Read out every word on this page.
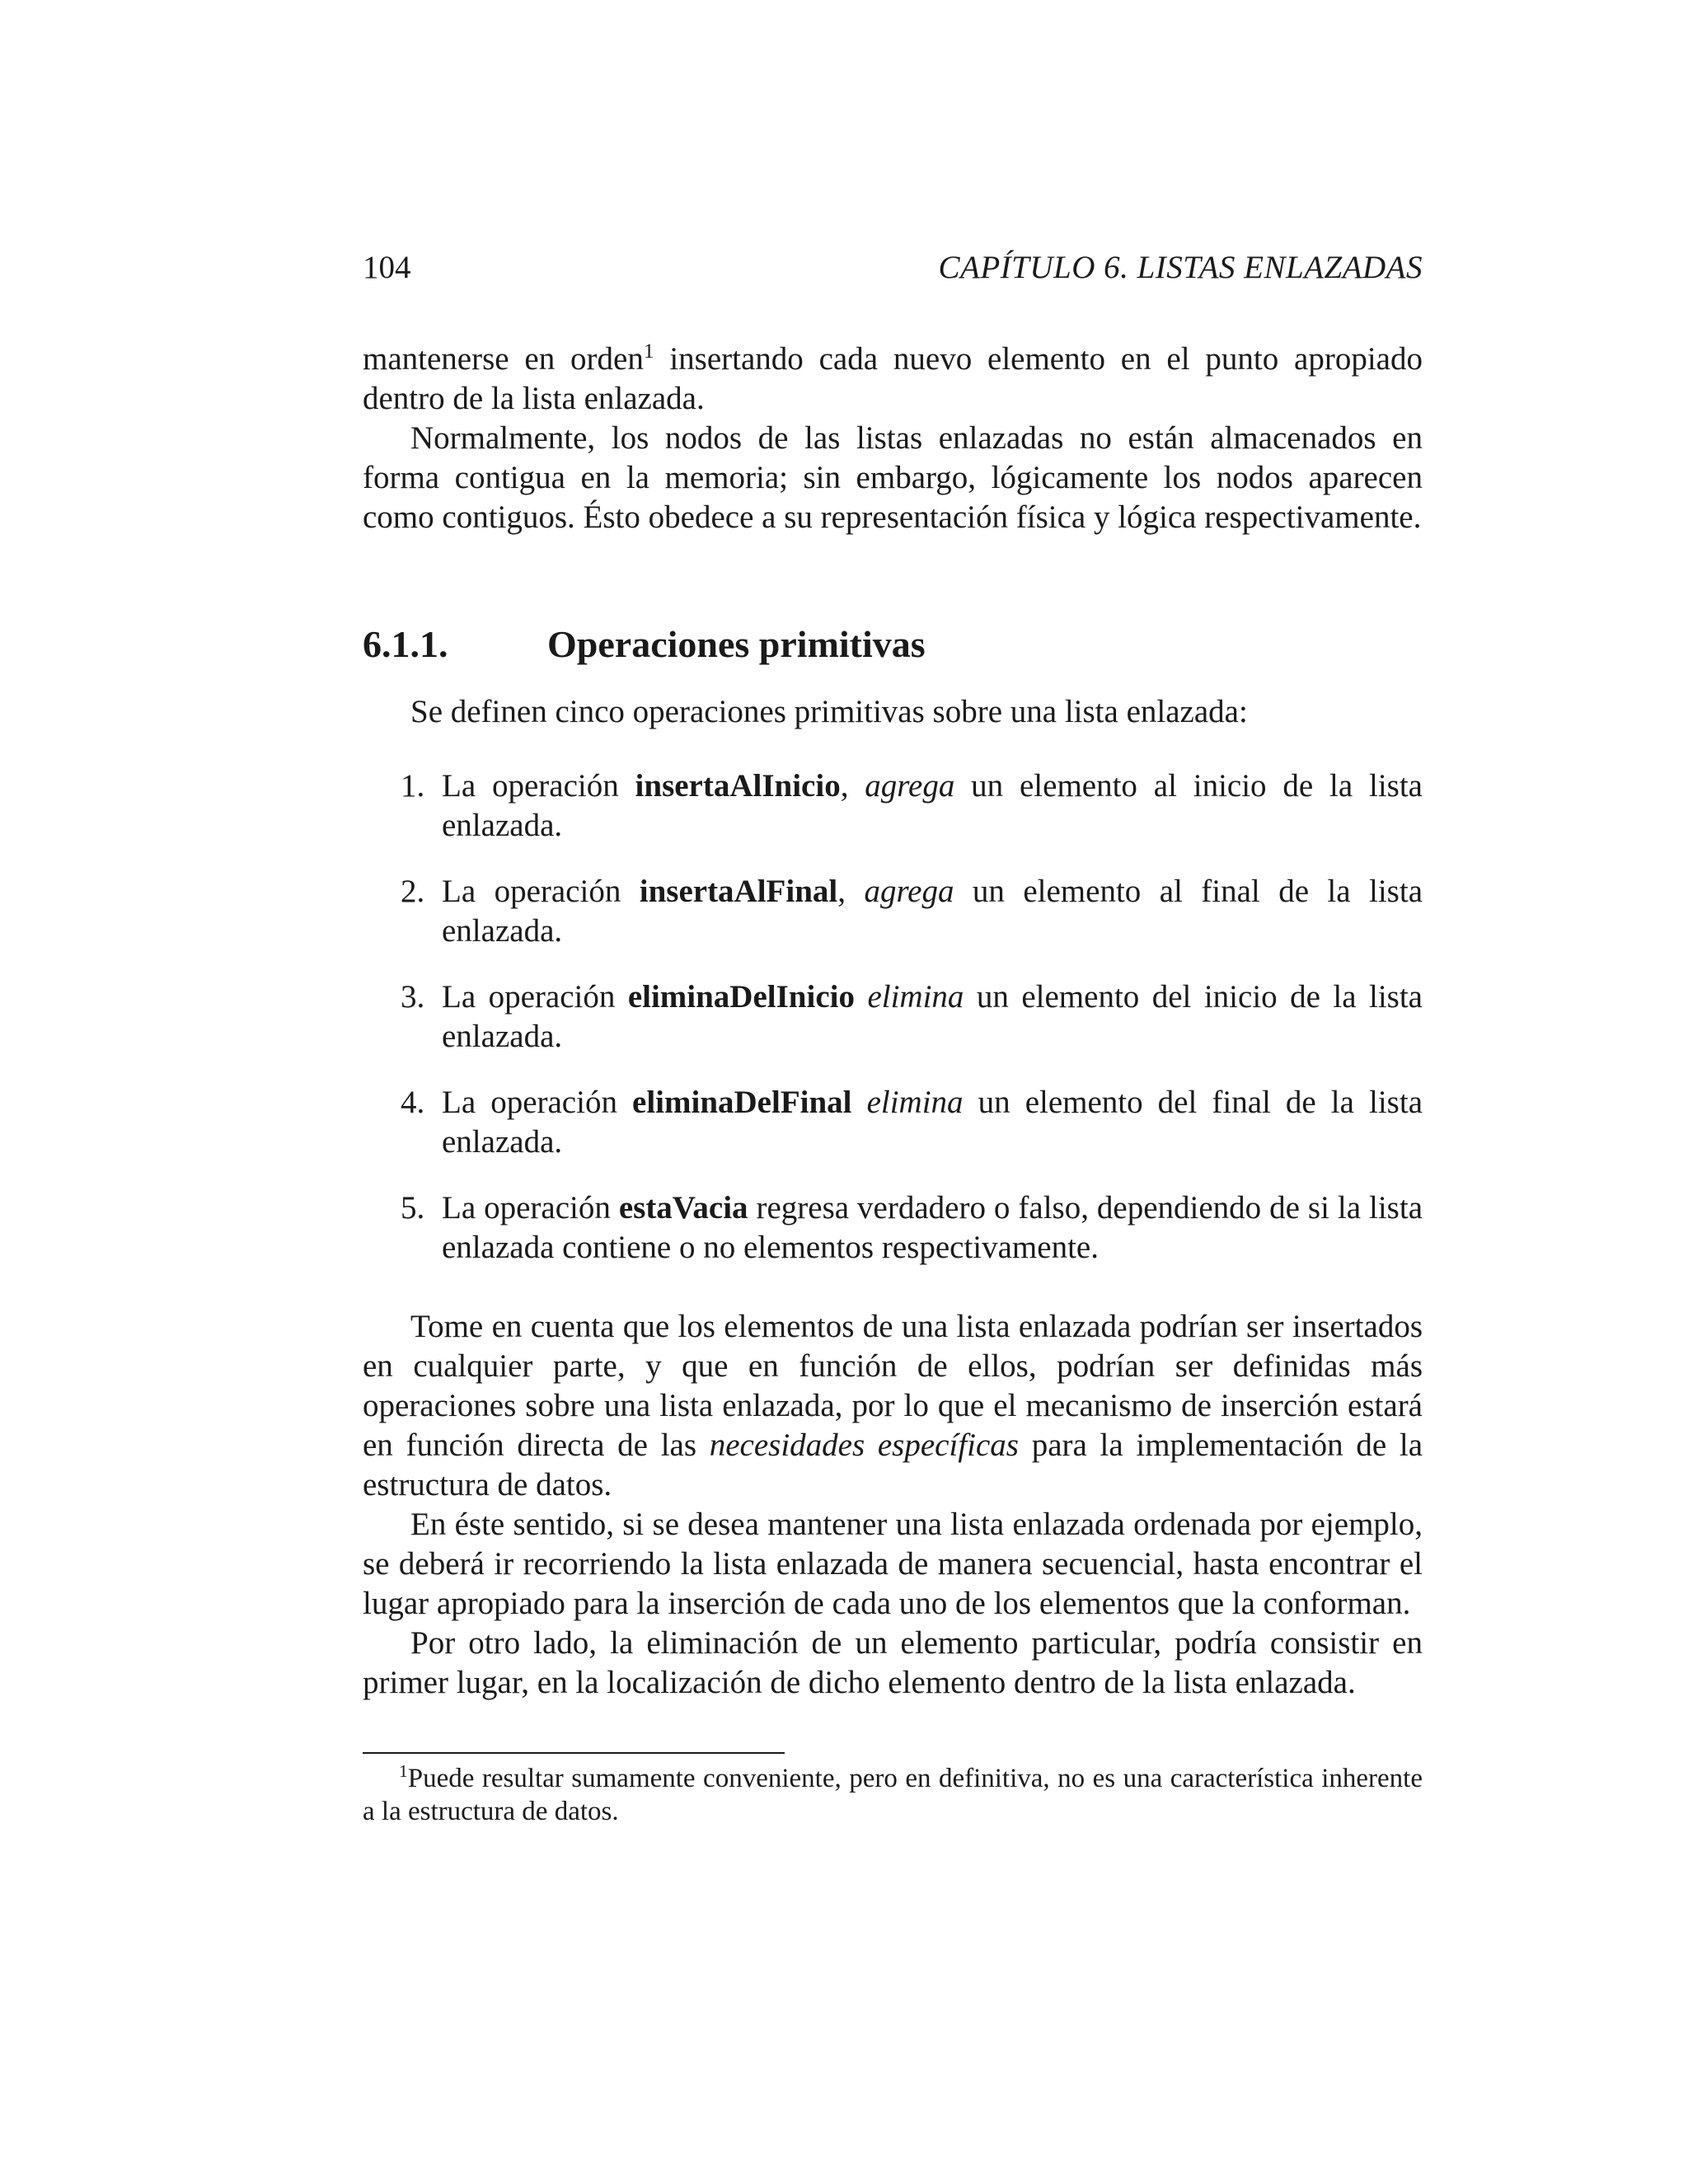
104	CAPÍTULO 6. LISTAS ENLAZADAS

mantenerse en orden$^1$ insertando cada nuevo elemento en el punto apropiado dentro de la lista enlazada.

Normalmente, los nodos de las listas enlazadas no están almacenados en forma contigua en la memoria; sin embargo, lógicamente los nodos aparecen como contiguos. Ésto obedece a su representación física y lógica respectivamente.

6.1.1.	Operaciones primitivas
Se definen cinco operaciones primitivas sobre una lista enlazada:
1. La operación insertaAlInicio, agrega un elemento al inicio de la lista enlazada.
2. La operación insertaAlFinal, agrega un elemento al final de la lista enlazada.
3. La operación eliminaDelInicio elimina un elemento del inicio de la lista enlazada.
4. La operación eliminaDelFinal elimina un elemento del final de la lista enlazada.
5. La operación estaVacia regresa verdadero o falso, dependiendo de si la lista enlazada contiene o no elementos respectivamente.

Tome en cuenta que los elementos de una lista enlazada podrían ser insertados en cualquier parte, y que en función de ellos, podrían ser definidas más operaciones sobre una lista enlazada, por lo que el mecanismo de inserción estará en función directa de las necesidades específicas para la implementación de la estructura de datos.

En éste sentido, si se desea mantener una lista enlazada ordenada por ejemplo, se deberá ir recorriendo la lista enlazada de manera secuencial, hasta encontrar el lugar apropiado para la inserción de cada uno de los elementos que la conforman.

Por otro lado, la eliminación de un elemento particular, podría consistir en primer lugar, en la localización de dicho elemento dentro de la lista enlazada.

$^1$Puede resultar sumamente conveniente, pero en definitiva, no es una característica inherente a la estructura de datos.
